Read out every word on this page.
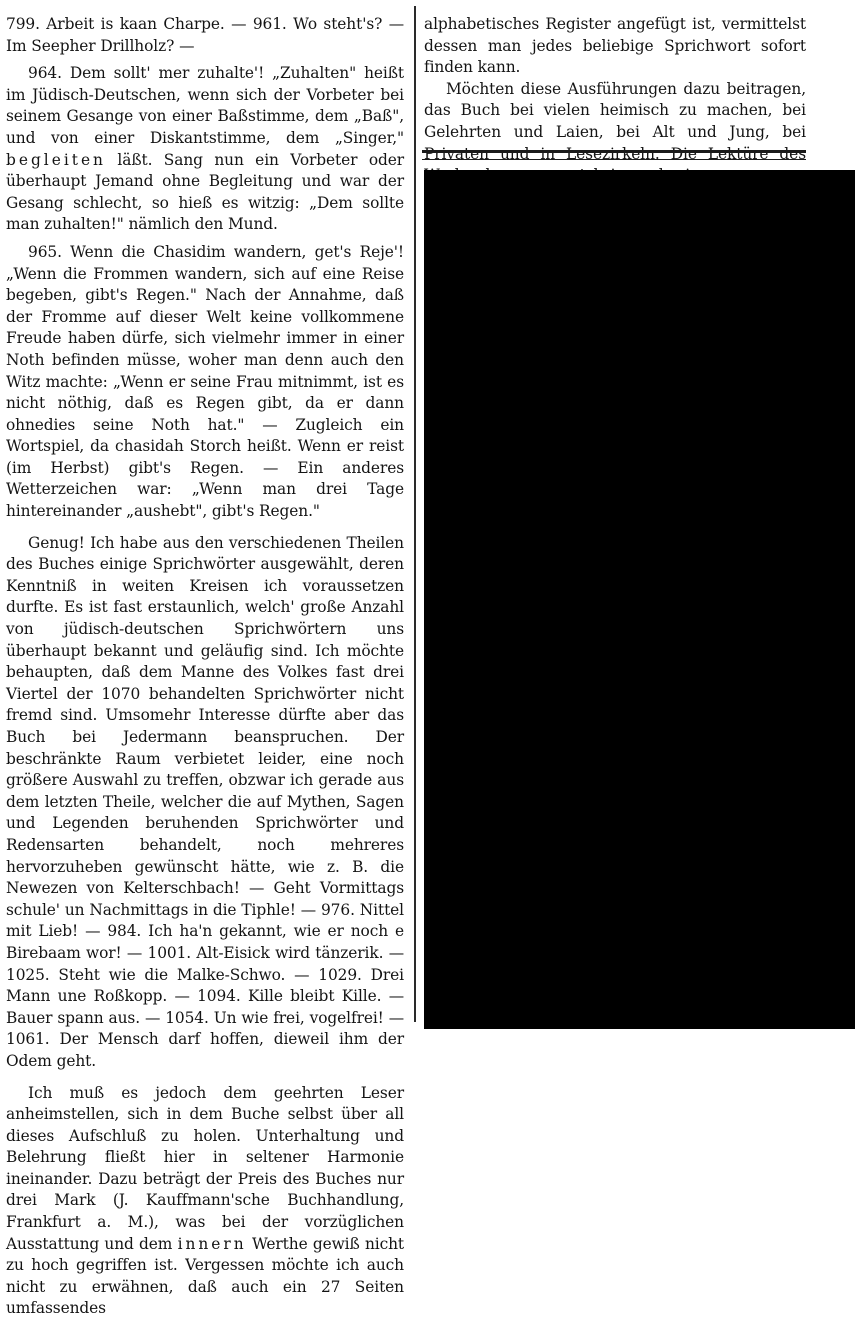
799. Arbeit is kaan Charpe. — 961. Wo steht's? — Im Seepher Drillholz? —

964. Dem sollt' mer zuhalte'! „Zuhalten" heißt im Jüdisch-Deutschen, wenn sich der Vorbeter bei seinem Gesange von einer Baßstimme, dem „Baß", und von einer Diskantstimme, dem „Singer," begleiten läßt. Sang nun ein Vorbeter oder überhaupt Jemand ohne Begleitung und war der Gesang schlecht, so hieß es witzig: „Dem sollte man zuhalten!" nämlich den Mund.

965. Wenn die Chasidim wandern, get's Reje'! „Wenn die Frommen wandern, sich auf eine Reise begeben, gibt's Regen." Nach der Annahme, daß der Fromme auf dieser Welt keine vollkommene Freude haben dürfe, sich vielmehr immer in einer Noth befinden müsse, woher man denn auch den Witz machte: „Wenn er seine Frau mitnimmt, ist es nicht nöthig, daß es Regen gibt, da er dann ohnedies seine Noth hat." — Zugleich ein Wortspiel, da chasidah Storch heißt. Wenn er reist (im Herbst) gibt's Regen. — Ein anderes Wetterzeichen war: „Wenn man drei Tage hintereinander „aushebt", gibt's Regen."

Genug! Ich habe aus den verschiedenen Theilen des Buches einige Sprichwörter ausgewählt, deren Kenntniß in weiten Kreisen ich voraussetzen durfte. Es ist fast erstaunlich, welch' große Anzahl von jüdisch-deutschen Sprichwörtern uns überhaupt bekannt und geläufig sind. Ich möchte behaupten, daß dem Manne des Volkes fast drei Viertel der 1070 behandelten Sprichwörter nicht fremd sind. Umsomehr Interesse dürfte aber das Buch bei Jedermann beanspruchen. Der beschränkte Raum verbietet leider, eine noch größere Auswahl zu treffen, obzwar ich gerade aus dem letzten Theile, welcher die auf Mythen, Sagen und Legenden beruhenden Sprichwörter und Redensarten behandelt, noch mehreres hervorzuheben gewünscht hätte, wie z. B. die Newezen von Kelterschbach! — Geht Vormittags schule' un Nachmittags in die Tiphle! — 976. Nittel mit Lieb! — 984. Ich ha'n gekannt, wie er noch e Birebaam wor! — 1001. Alt-Eisick wird tänzerik. — 1025. Steht wie die Malke-Schwo. — 1029. Drei Mann une Roßkopp. — 1094. Kille bleibt Kille. — Bauer spann aus. — 1054. Un wie frei, vogelfrei! — 1061. Der Mensch darf hoffen, dieweil ihm der Odem geht.

Ich muß es jedoch dem geehrten Leser anheimstellen, sich in dem Buche selbst über all dieses Aufschluß zu holen. Unterhaltung und Belehrung fließt hier in seltener Harmonie ineinander. Dazu beträgt der Preis des Buches nur drei Mark (J. Kauffmann'sche Buchhandlung, Frankfurt a. M.), was bei der vorzüglichen Ausstattung und dem innern Werthe gewiß nicht zu hoch gegriffen ist. Vergessen möchte ich auch nicht zu erwähnen, daß auch ein 27 Seiten umfassendes

alphabetisches Register angefügt ist, vermittelst dessen man jedes beliebige Sprichwort sofort finden kann.

Möchten diese Ausführungen dazu beitragen, das Buch bei vielen heimisch zu machen, bei Gelehrten und Laien, bei Alt und Jung, bei Privaten und in Lesezirkeln. Die Lektüre des
